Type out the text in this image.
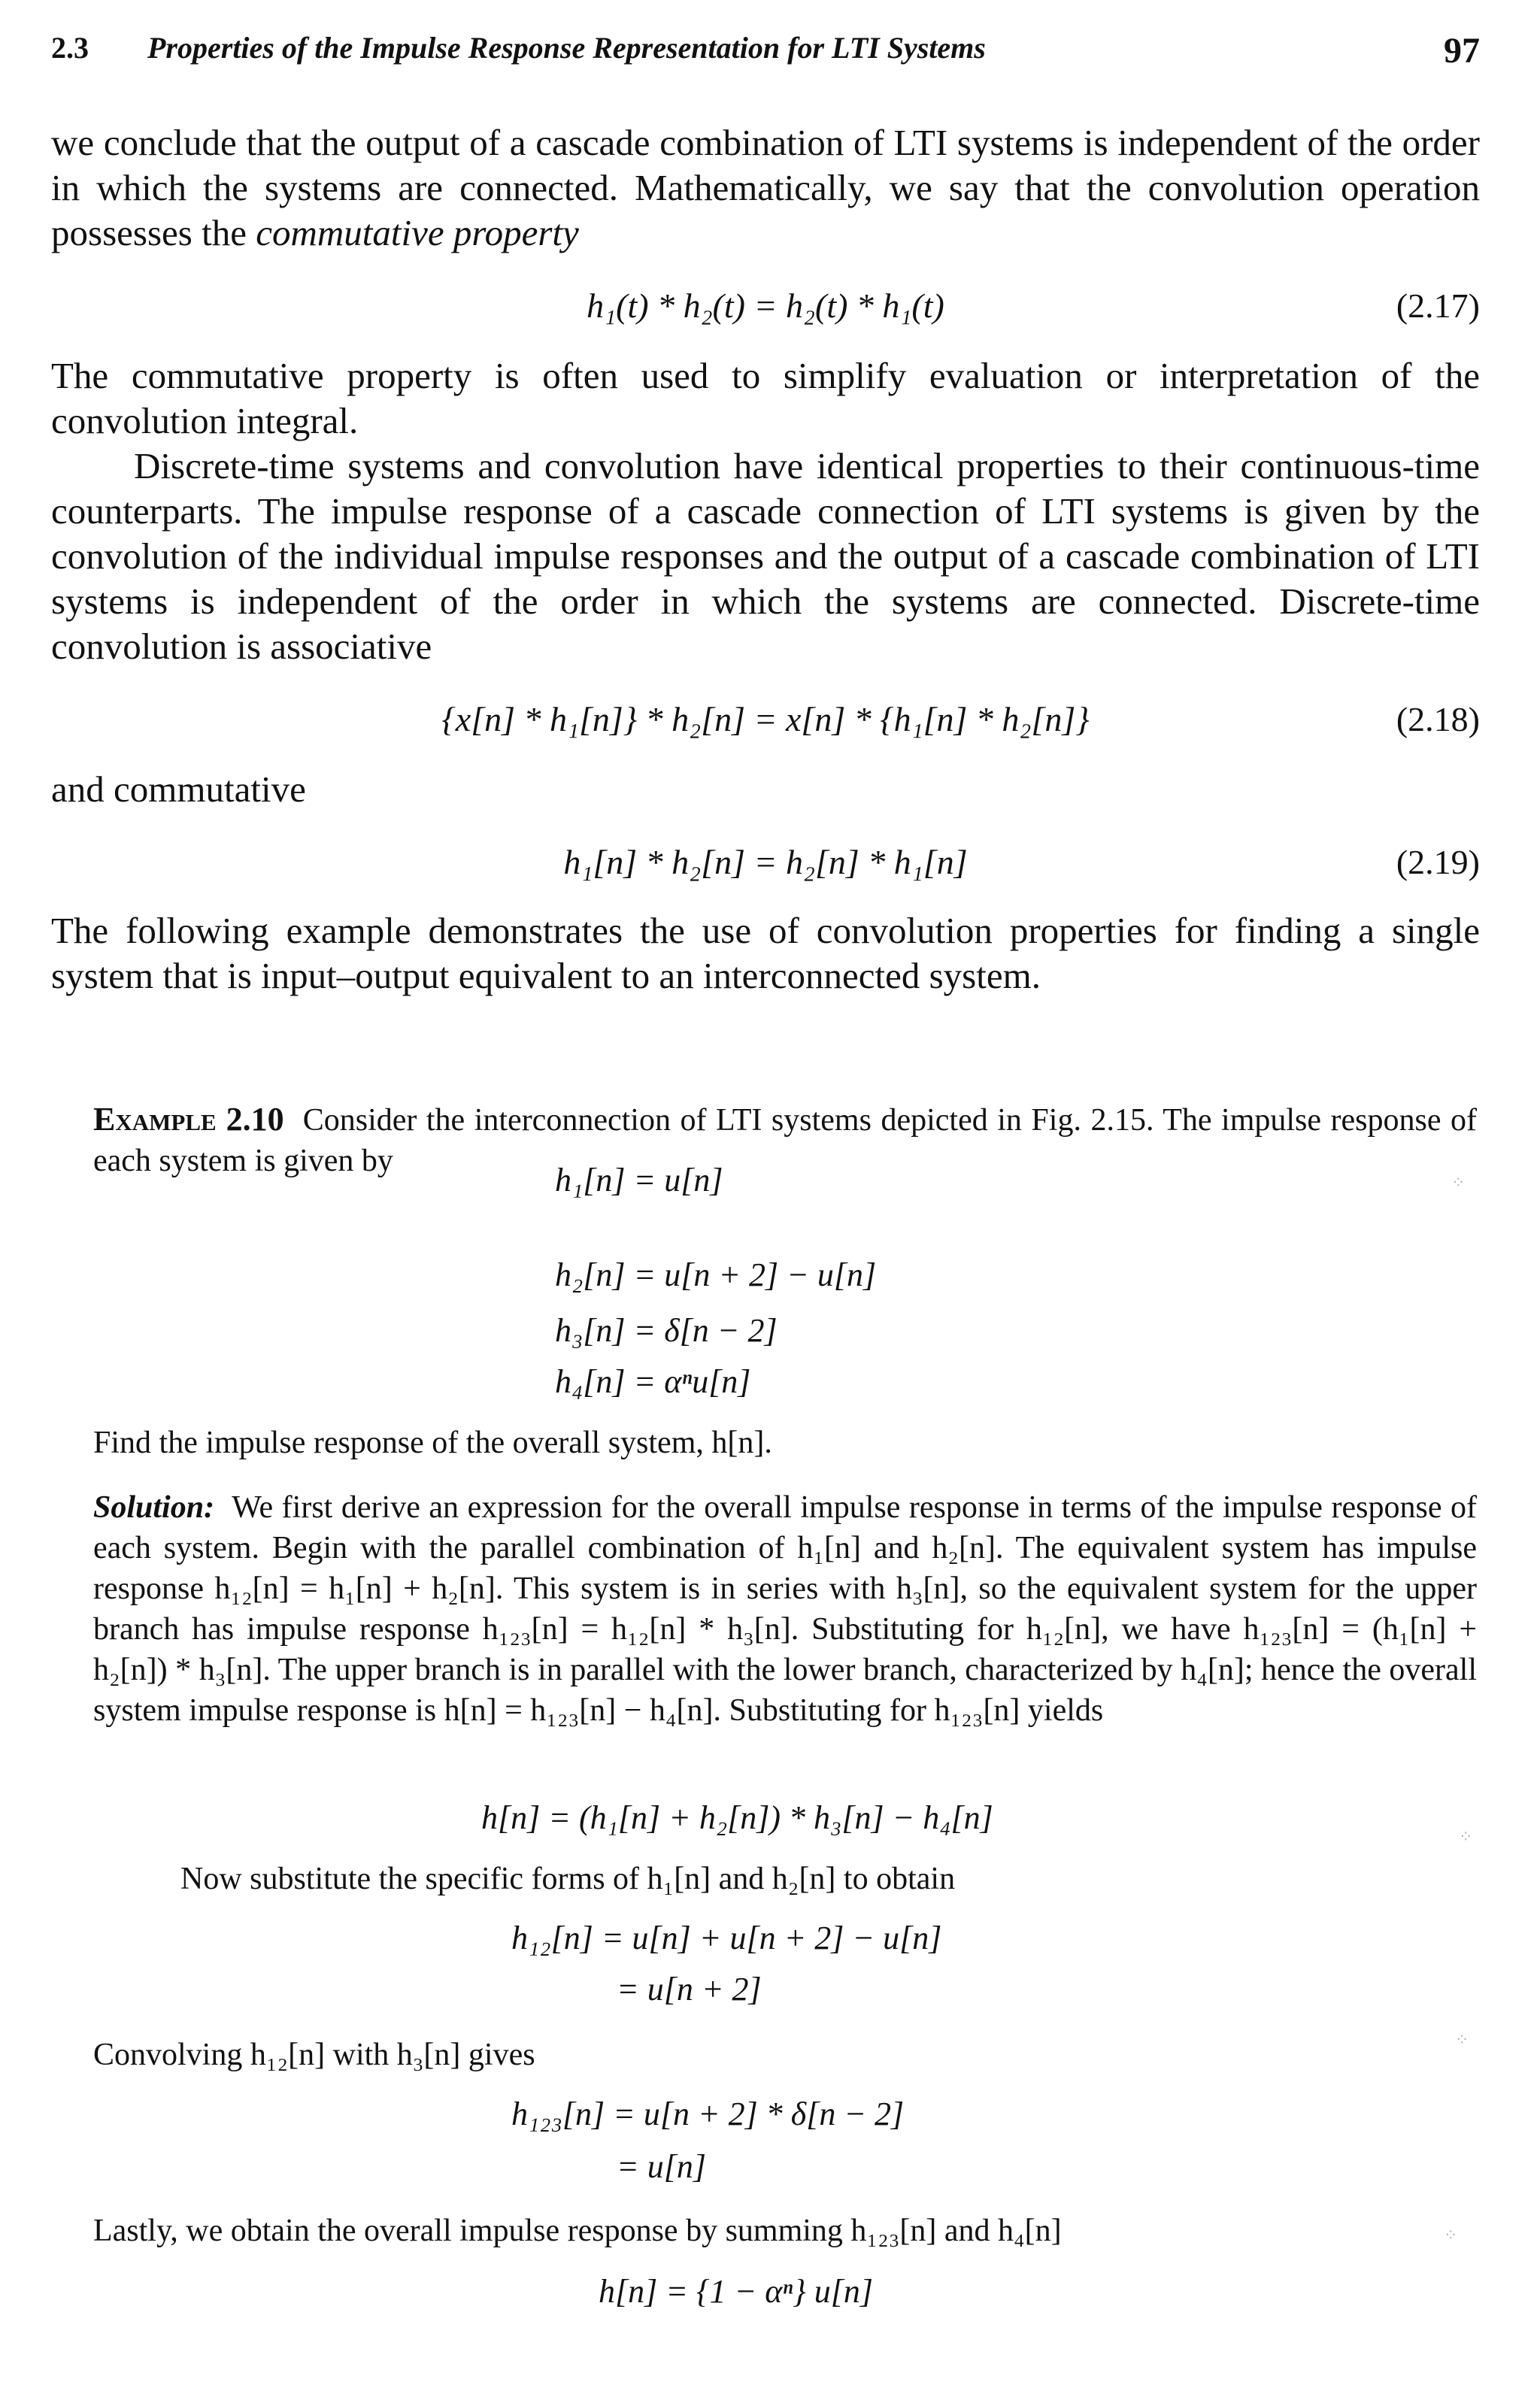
2.3 Properties of the Impulse Response Representation for LTI Systems	97

we conclude that the output of a cascade combination of LTI systems is independent of the order in which the systems are connected. Mathematically, we say that the convolution operation possesses the commutative property

h₁(t) * h₂(t) = h₂(t) * h₁(t)	(2.17)

The commutative property is often used to simplify evaluation or interpretation of the convolution integral.

Discrete-time systems and convolution have identical properties to their continuous-time counterparts. The impulse response of a cascade connection of LTI systems is given by the convolution of the individual impulse responses and the output of a cascade combination of LTI systems is independent of the order in which the systems are connected. Discrete-time convolution is associative

{x[n] * h₁[n]} * h₂[n] = x[n] * {h₁[n] * h₂[n]}	(2.18)

and commutative

h₁[n] * h₂[n] = h₂[n] * h₁[n]	(2.19)

The following example demonstrates the use of convolution properties for finding a single system that is input–output equivalent to an interconnected system.

Example 2.10 Consider the interconnection of LTI systems depicted in Fig. 2.15. The impulse response of each system is given by

h₁[n] = u[n]
h₂[n] = u[n + 2] − u[n]
h₃[n] = δ[n − 2]
h₄[n] = αⁿu[n]

Find the impulse response of the overall system, h[n].

Solution: We first derive an expression for the overall impulse response in terms of the impulse response of each system. Begin with the parallel combination of h₁[n] and h₂[n]. The equivalent system has impulse response h₁₂[n] = h₁[n] + h₂[n]. This system is in series with h₃[n], so the equivalent system for the upper branch has impulse response h₁₂₃[n] = h₁₂[n] * h₃[n]. Substituting for h₁₂[n], we have h₁₂₃[n] = (h₁[n] + h₂[n]) * h₃[n]. The upper branch is in parallel with the lower branch, characterized by h₄[n]; hence the overall system impulse response is h[n] = h₁₂₃[n] − h₄[n]. Substituting for h₁₂₃[n] yields

h[n] = (h₁[n] + h₂[n]) * h₃[n] − h₄[n]

Now substitute the specific forms of h₁[n] and h₂[n] to obtain

h₁₂[n] = u[n] + u[n + 2] − u[n]
= u[n + 2]

Convolving h₁₂[n] with h₃[n] gives

h₁₂₃[n] = u[n + 2] * δ[n − 2]
= u[n]

Lastly, we obtain the overall impulse response by summing h₁₂₃[n] and h₄[n]

h[n] = {1 − αⁿ} u[n]
⁘
⁘
⁘
⁘
